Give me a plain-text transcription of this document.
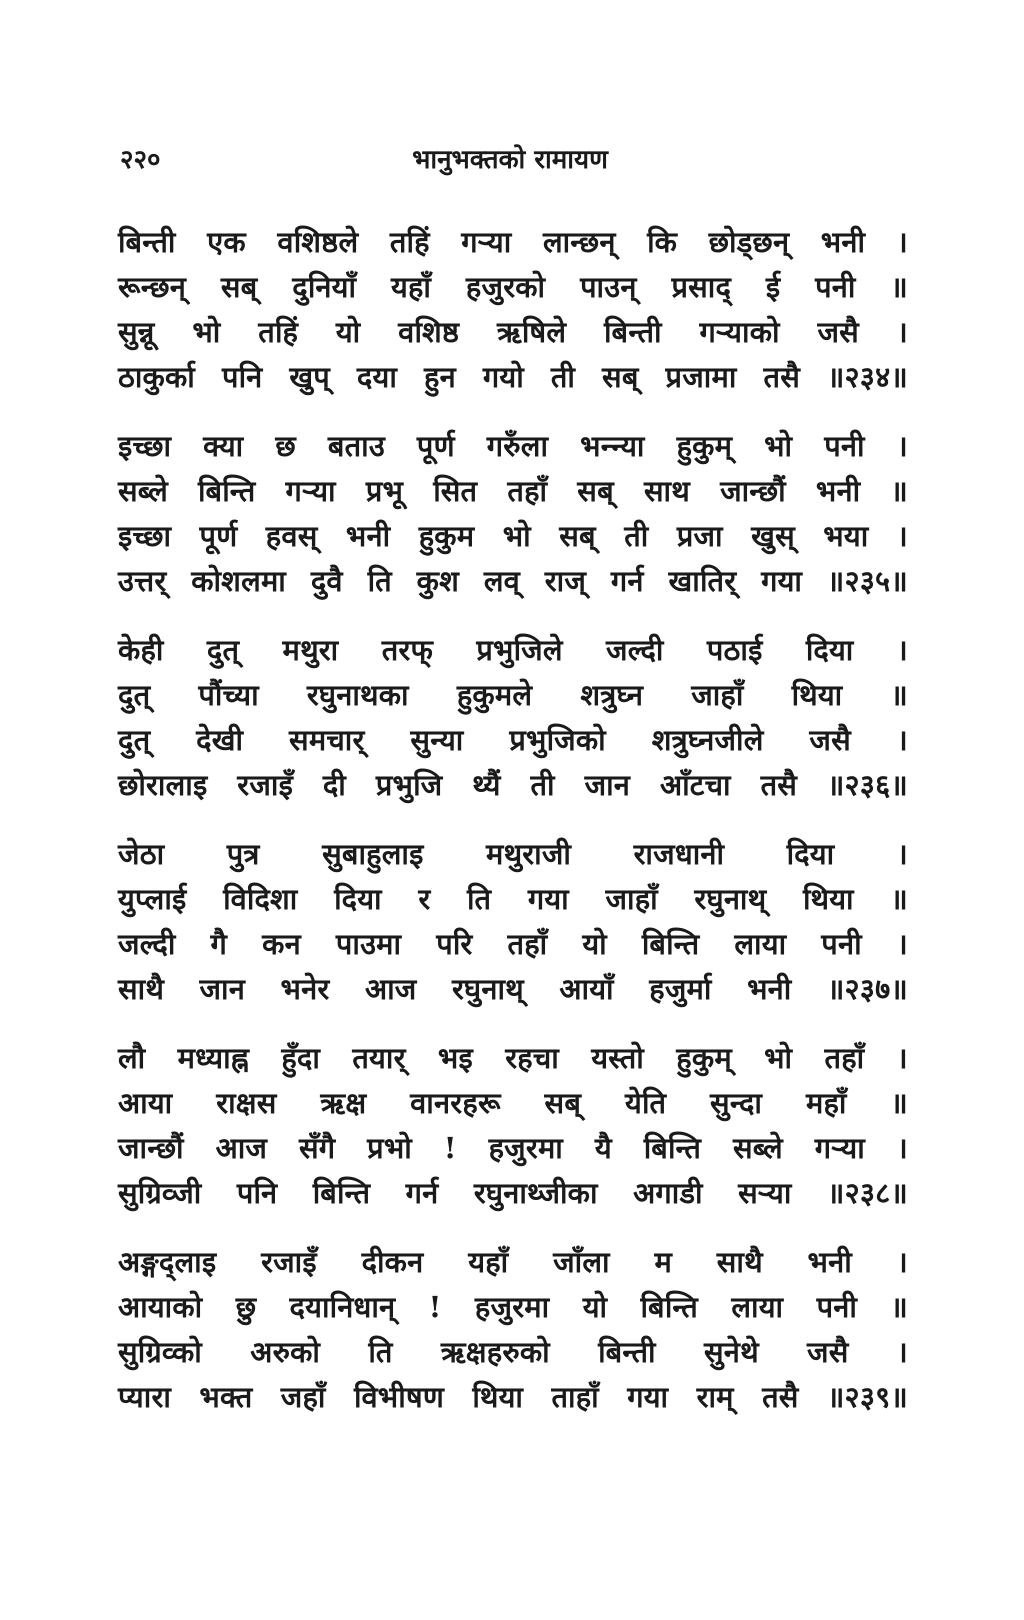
२२०	भानुभक्तको रामायण
बिन्ती एक वशिष्ठले तहिं गऱ्या लान्छन् कि छोड्छन् भनी ।
रून्छन् सब् दुनियाँ यहाँ हजुरको पाउन् प्रसाद् ई पनी ॥
सुन्नू भो तहिं यो वशिष्ठ ऋषिले बिन्ती गऱ्याको जसै ।
ठाकुर्का पनि खुप् दया हुन गयो ती सब् प्रजामा तसै ॥२३४॥
इच्छा क्या छ बताउ पूर्ण गरुँला भन्न्या हुकुम् भो पनी ।
सब्ले बिन्ति गऱ्या प्रभू सित तहाँ सब् साथ जान्छौं भनी ॥
इच्छा पूर्ण हवस् भनी हुकुम भो सब् ती प्रजा खुस् भया ।
उत्तर् कोशलमा दुवै ति कुश लव् राज् गर्न खातिर् गया ॥२३५॥
केही दुत् मथुरा तरफ् प्रभुजिले जल्दी पठाई दिया ।
दुत् पौंच्या रघुनाथका हुकुमले शत्रुघ्न जाहाँ थिया ॥
दुत् देखी समचार् सुन्या प्रभुजिको शत्रुघ्नजीले जसै ।
छोरालाइ रजाइँ दी प्रभुजि थ्यैं ती जान आँटचा तसै ॥२३६॥
जेठा पुत्र सुबाहुलाइ मथुराजी राजधानी दिया ।
युप्लाई विदिशा दिया र ति गया जाहाँ रघुनाथ् थिया ॥
जल्दी गै कन पाउमा परि तहाँ यो बिन्ति लाया पनी ।
साथै जान भनेर आज रघुनाथ् आयाँ हजुर्मा भनी ॥२३७॥
लौ मध्याह्न हुँदा तयार् भइ रहचा यस्तो हुकुम् भो तहाँ ।
आया राक्षस ऋक्ष वानरहरू सब् येति सुन्दा महाँ ॥
जान्छौं आज सँगै प्रभो ! हजुरमा यै बिन्ति सब्ले गऱ्या ।
सुग्रिव्जी पनि बिन्ति गर्न रघुनाथ्जीका अगाडी सऱ्या ॥२३८॥
अङ्गद्लाइ रजाइँ दीकन यहाँ जाँला म साथै भनी ।
आयाको छु दयानिधान् ! हजुरमा यो बिन्ति लाया पनी ॥
सुग्रिव्को अरुको ति ऋक्षहरुको बिन्ती सुनेथे जसै ।
प्यारा भक्त जहाँ विभीषण थिया ताहाँ गया राम् तसै ॥२३९॥
